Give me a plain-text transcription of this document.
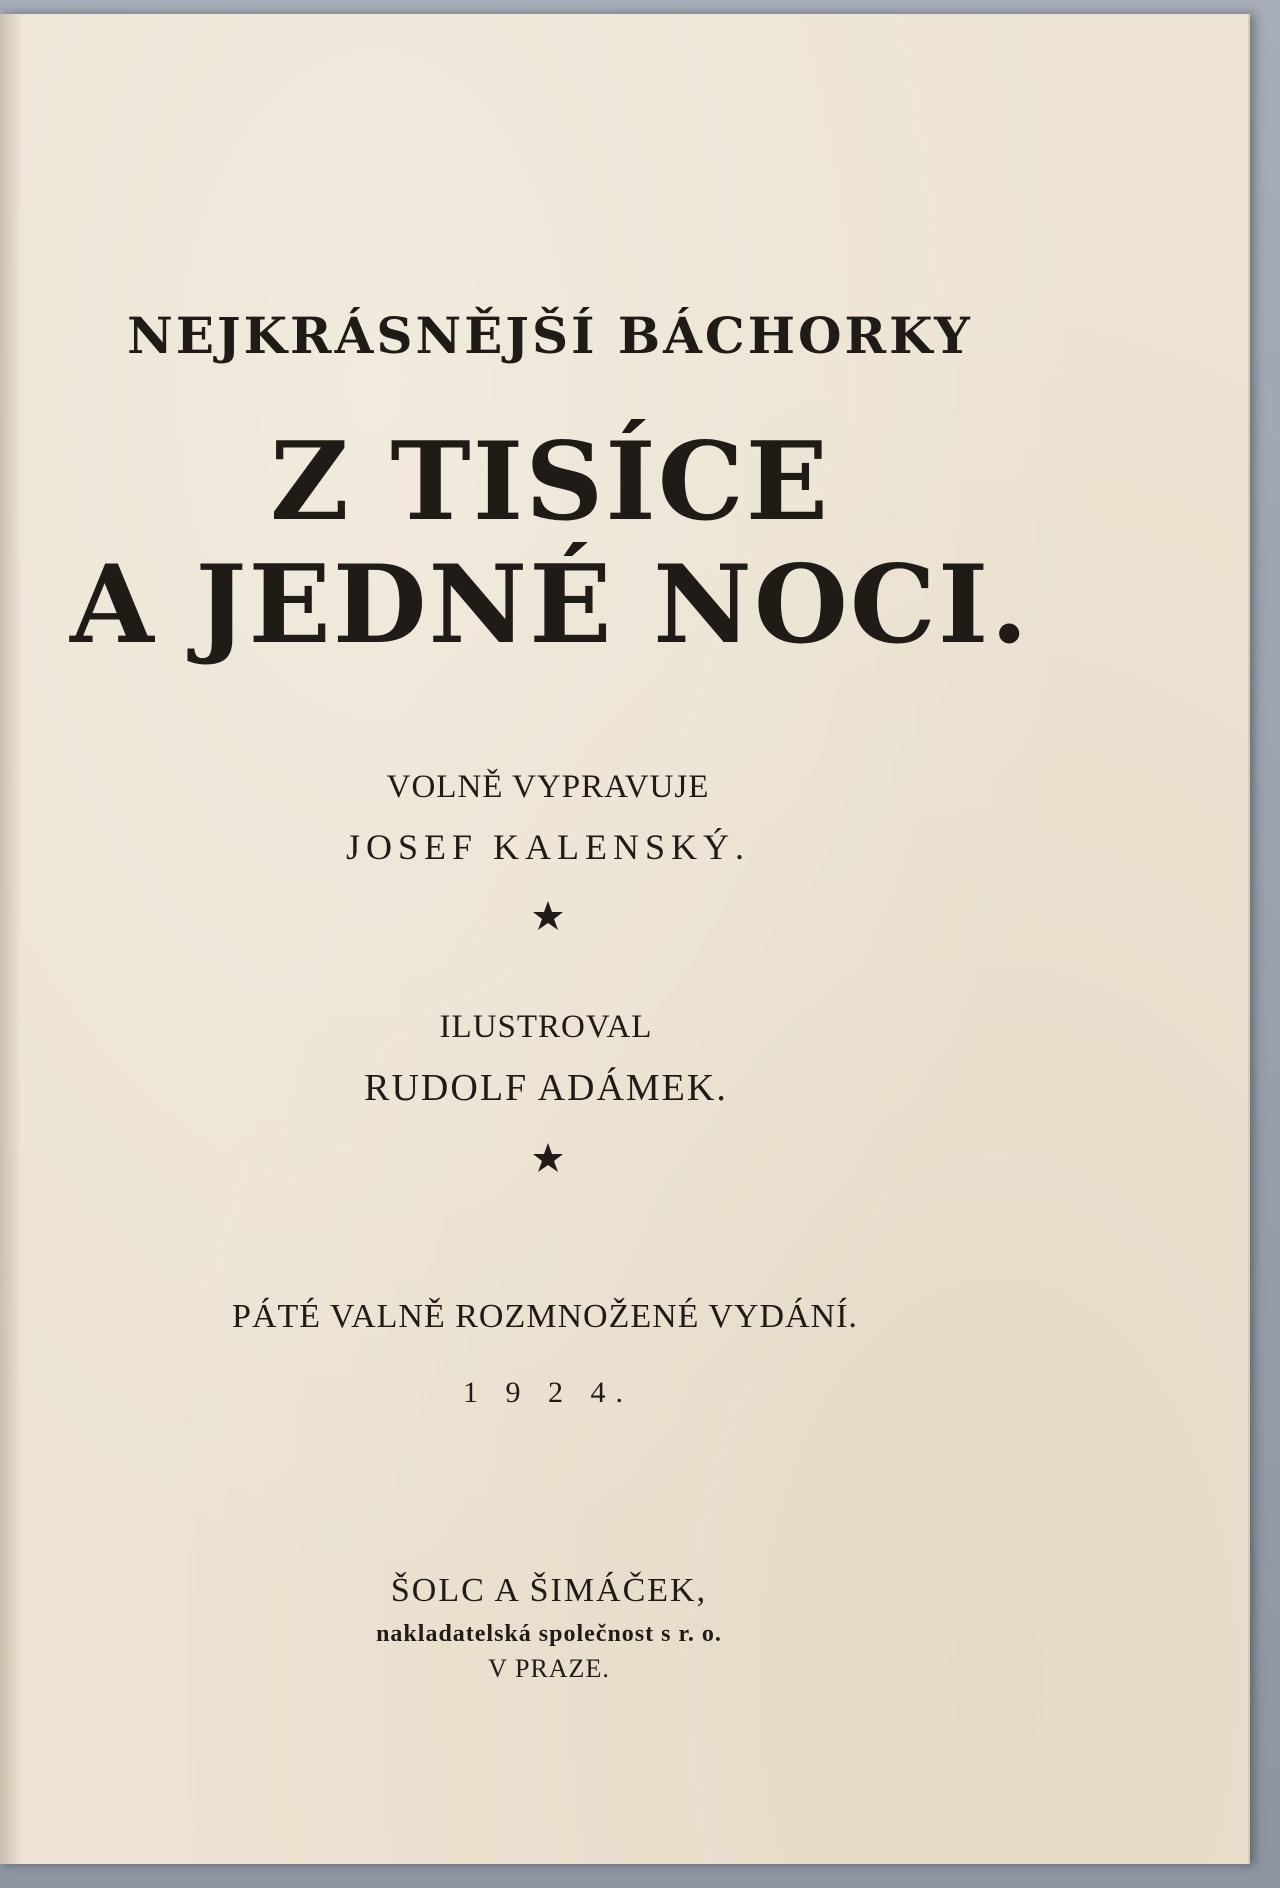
NEJKRÁSNĚJŠÍ BÁCHORKY
Z TISÍCE
A JEDNÉ NOCI.
VOLNĚ VYPRAVUJE
JOSEF KALENSKÝ.
ILUSTROVAL
RUDOLF ADÁMEK.
PÁTÉ VALNĚ ROZMNOŽENÉ VYDÁNÍ.
1 9 2 4.
ŠOLC A ŠIMÁČEK,
nakladatelská společnost s r. o.
V PRAZE.
